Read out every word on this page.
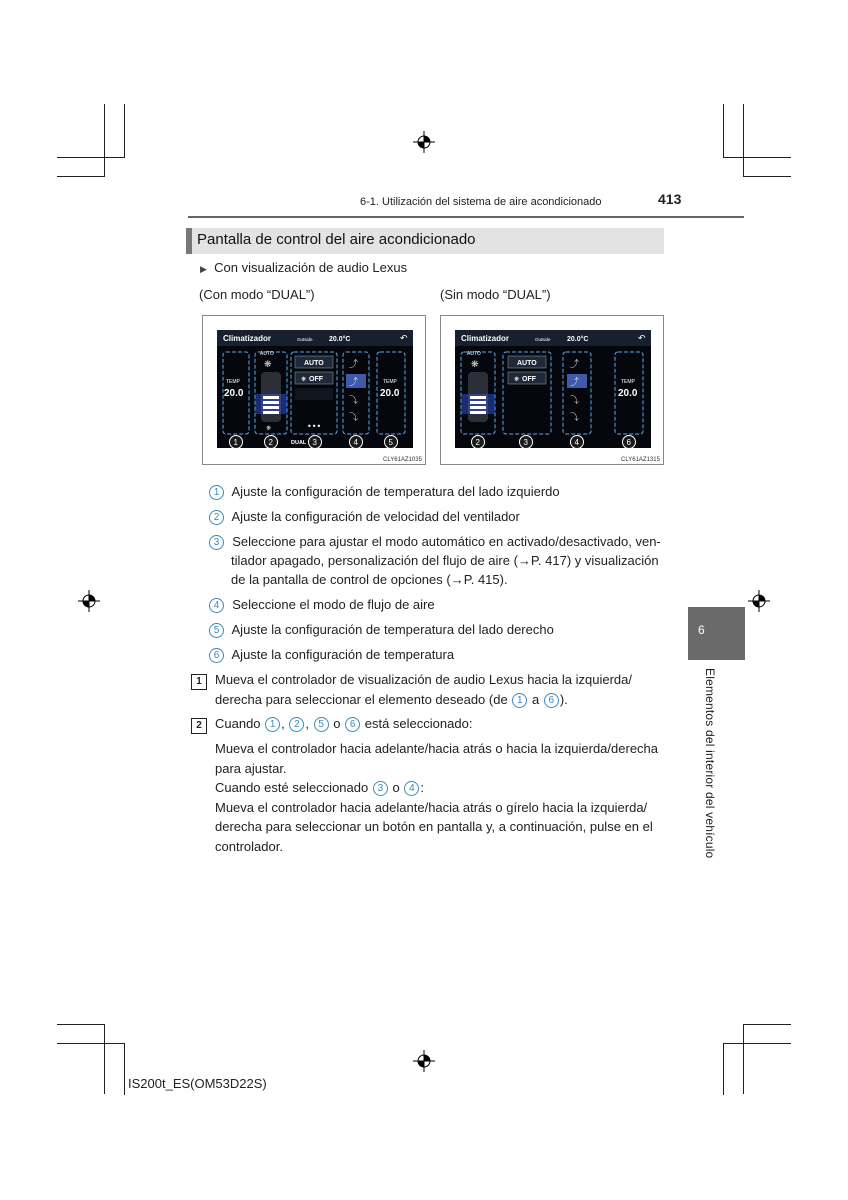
6-1. Utilización del sistema de aire acondicionado	413
Pantalla de control del aire acondicionado
▶ Con visualización de audio Lexus
(Con modo “DUAL”)	(Sin modo “DUAL”)
Climatizador	Outside 20.0°C	↶
TEMP
20.0
AUTO
❋
❋
AUTO
OFF
❋
•••
⤴
⤴
⤵
⤵
TEMP
20.0
DUAL
1	2	3	4	5
CLY61AZ1035
Climatizador	Outside 20.0°C	↶
AUTO
❋	AUTO
OFF
❋
⤴
⤴
⤵
⤵
TEMP
20.0
2	3	4	6
CLY61AZ1315
1 Ajuste la configuración de temperatura del lado izquierdo
2 Ajuste la configuración de velocidad del ventilador
3 Seleccione para ajustar el modo automático en activado/desactivado, ven-
tilador apagado, personalización del flujo de aire (→P. 417) y visualización
de la pantalla de control de opciones (→P. 415).
4 Seleccione el modo de flujo de aire
5 Ajuste la configuración de temperatura del lado derecho
6 Ajuste la configuración de temperatura
1	Mueva el controlador de visualización de audio Lexus hacia la izquierda/
derecha para seleccionar el elemento deseado (de 1 a 6 ).
2	Cuando 1 , 2 , 5 o 6 está seleccionado:
Mueva el controlador hacia adelante/hacia atrás o hacia la izquierda/derecha
para ajustar.
Cuando esté seleccionado 3 o 4 :
Mueva el controlador hacia adelante/hacia atrás o gírelo hacia la izquierda/
derecha para seleccionar un botón en pantalla y, a continuación, pulse en el
controlador.
6
Elementos del interior del vehículo
IS200t_ES(OM53D22S)
